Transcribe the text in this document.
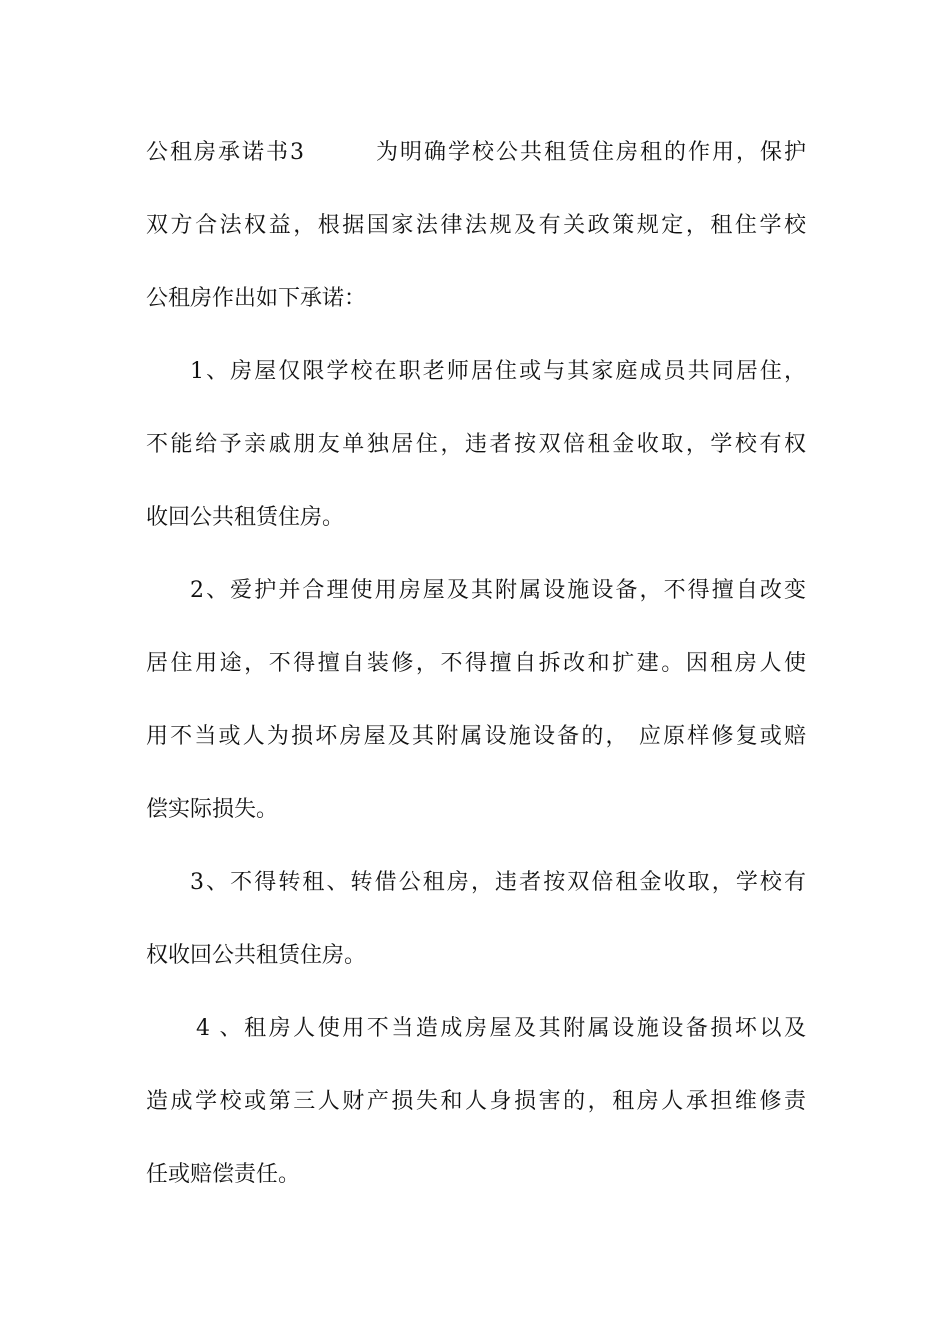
公租房承诺书3        为明确学校公共租赁住房租的作用，保护
双方合法权益，根据国家法律法规及有关政策规定，租住学校
公租房作出如下承诺：
1、房屋仅限学校在职老师居住或与其家庭成员共同居住，
不能给予亲戚朋友单独居住，违者按双倍租金收取，学校有权
收回公共租赁住房。
2、爱护并合理使用房屋及其附属设施设备，不得擅自改变
居住用途，不得擅自装修，不得擅自拆改和扩建。因租房人使
用不当或人为损坏房屋及其附属设施设备的， 应原样修复或赔
偿实际损失。
3、不得转租、转借公租房，违者按双倍租金收取，学校有
权收回公共租赁住房。
4 、租房人使用不当造成房屋及其附属设施设备损坏以及
造成学校或第三人财产损失和人身损害的，租房人承担维修责
任或赔偿责任。
